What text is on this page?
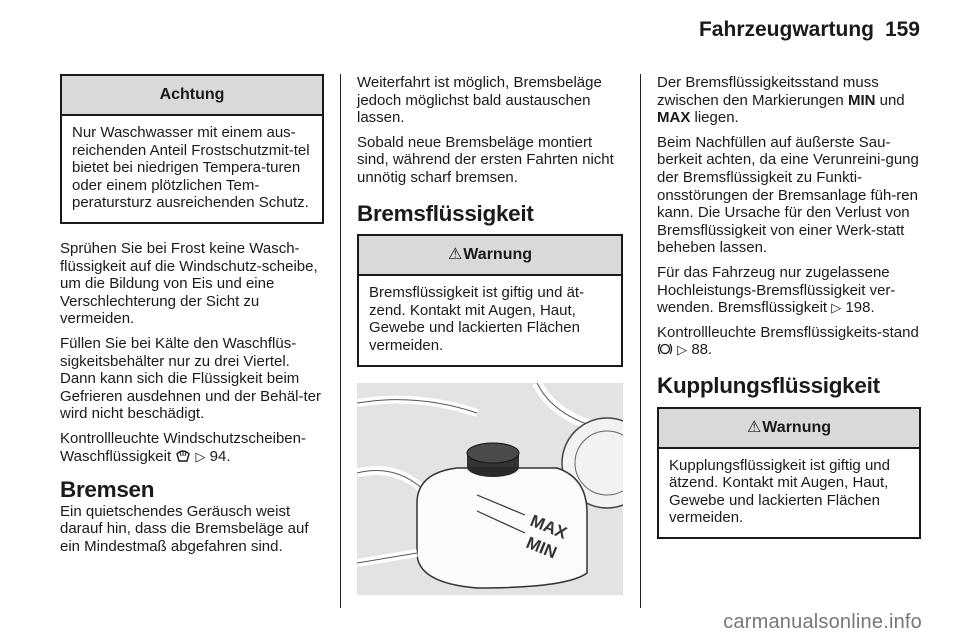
Fahrzeugwartung 159
Achtung
Nur Waschwasser mit einem aus-reichenden Anteil Frostschutzmit-tel bietet bei niedrigen Tempera-turen oder einem plötzlichen Tem-peratursturz ausreichenden Schutz.

Sprühen Sie bei Frost keine Wasch-flüssigkeit auf die Windschutz-scheibe, um die Bildung von Eis und eine Verschlechterung der Sicht zu vermeiden.

Füllen Sie bei Kälte den Waschflüs-sigkeitsbehälter nur zu drei Viertel. Dann kann sich die Flüssigkeit beim Gefrieren ausdehnen und der Behäl-ter wird nicht beschädigt.

Kontrollleuchte Windschutzscheiben-Waschflüssigkeit ▷ 94.

Bremsen

Ein quietschendes Geräusch weist darauf hin, dass die Bremsbeläge auf ein Mindestmaß abgefahren sind.

Weiterfahrt ist möglich, Bremsbeläge jedoch möglichst bald austauschen lassen.

Sobald neue Bremsbeläge montiert sind, während der ersten Fahrten nicht unnötig scharf bremsen.

Bremsflüssigkeit
⚠Warnung
Bremsflüssigkeit ist giftig und ät-zend. Kontakt mit Augen, Haut, Gewebe und lackierten Flächen vermeiden.
MAX
MIN

Der Bremsflüssigkeitsstand muss zwischen den Markierungen MIN und MAX liegen.

Beim Nachfüllen auf äußerste Sau-berkeit achten, da eine Verunreini-gung der Bremsflüssigkeit zu Funkti-onsstörungen der Bremsanlage füh-ren kann. Die Ursache für den Verlust von Bremsflüssigkeit von einer Werk-statt beheben lassen.

Für das Fahrzeug nur zugelassene Hochleistungs-Bremsflüssigkeit ver-wenden. Bremsflüssigkeit ▷ 198.

Kontrollleuchte Bremsflüssigkeits-stand  ▷ 88.

Kupplungsflüssigkeit
⚠Warnung
Kupplungsflüssigkeit ist giftig und ätzend. Kontakt mit Augen, Haut, Gewebe und lackierten Flächen vermeiden.
carmanualsonline.info
